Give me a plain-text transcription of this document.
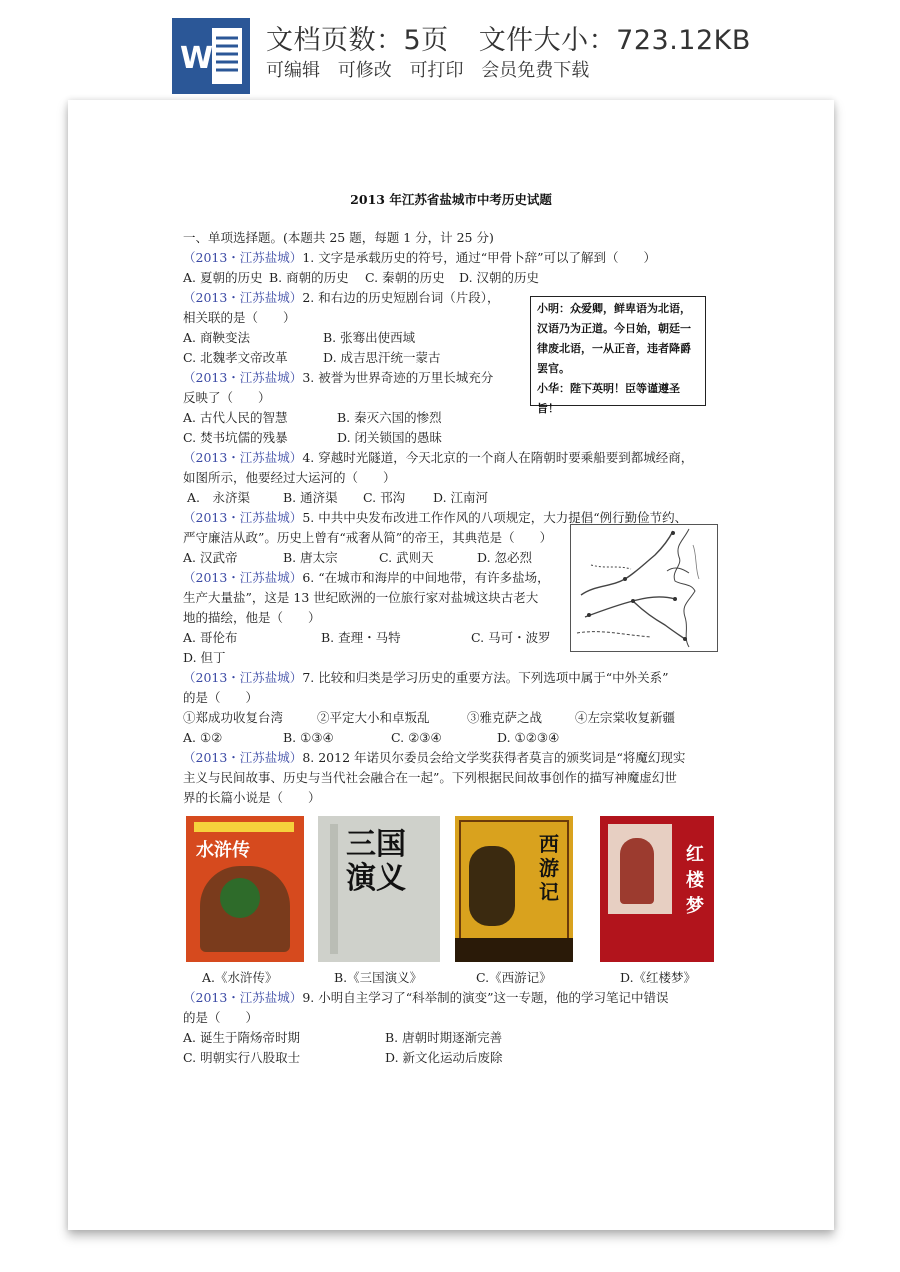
W
文档页数：5页 文件大小：723.12KB
可编辑 可修改 可打印 会员免费下载
2013 年江苏省盐城市中考历史试题
一、单项选择题。(本题共 25 题，每题 1 分，计 25 分)
（2013・江苏盐城）1. 文字是承载历史的符号，通过“甲骨卜辞”可以了解到（　　）
A. 夏朝的历史 B. 商朝的历史 C. 秦朝的历史 D. 汉朝的历史
（2013・江苏盐城）2. 和右边的历史短剧台词（片段），
相关联的是（　　）
A. 商鞅变法	B. 张骞出使西域
C. 北魏孝文帝改革	D. 成吉思汗统一蒙古
（2013・江苏盐城）3. 被誉为世界奇迹的万里长城充分
反映了（　　）
A. 古代人民的智慧	B. 秦灭六国的惨烈
C. 焚书坑儒的残暴	D. 闭关锁国的愚昧
（2013・江苏盐城）4. 穿越时光隧道，今天北京的一个商人在隋朝时要乘船要到都城经商，
如图所示，他要经过大运河的（　　）
A.　永济渠	B. 通济渠 C. 邗沟 D. 江南河
（2013・江苏盐城）5. 中共中央发布改进工作作风的八项规定，大力提倡“例行勤俭节约、
严守廉洁从政”。历史上曾有“戒奢从简”的帝王，其典范是（　　）
A. 汉武帝	B. 唐太宗	C. 武则天	D. 忽必烈
（2013・江苏盐城）6. “在城市和海岸的中间地带，有许多盐场，
生产大量盐”，这是 13 世纪欧洲的一位旅行家对盐城这块古老大
地的描绘，他是（　　）
A. 哥伦布	B. 查理・马特	C. 马可・波罗
D. 但丁
（2013・江苏盐城）7. 比较和归类是学习历史的重要方法。下列选项中属于“中外关系”
的是（　　）
①郑成功收复台湾	②平定大小和卓叛乱	③雅克萨之战	④左宗棠收复新疆
A. ①②	B. ①③④	C. ②③④	D. ①②③④
（2013・江苏盐城）8. 2012 年诺贝尔委员会给文学奖获得者莫言的颁奖词是“将魔幻现实
主义与民间故事、历史与当代社会融合在一起”。下列根据民间故事创作的描写神魔虚幻世
界的长篇小说是（　　）
小明：众爱卿，鲜卑语为北语，
汉语乃为正道。今日始，朝廷一
律废北语，一从正音，违者降爵
罢官。
小华：陛下英明！臣等谨遵圣旨！
水浒传	三国演义
西游记
红楼梦
A.《水浒传》	B.《三国演义》	C.《西游记》	D.《红楼梦》
（2013・江苏盐城）9. 小明自主学习了“科举制的演变”这一专题，他的学习笔记中错误
的是（　　）
A. 诞生于隋炀帝时期	B. 唐朝时期逐渐完善
C. 明朝实行八股取士	D. 新文化运动后废除
